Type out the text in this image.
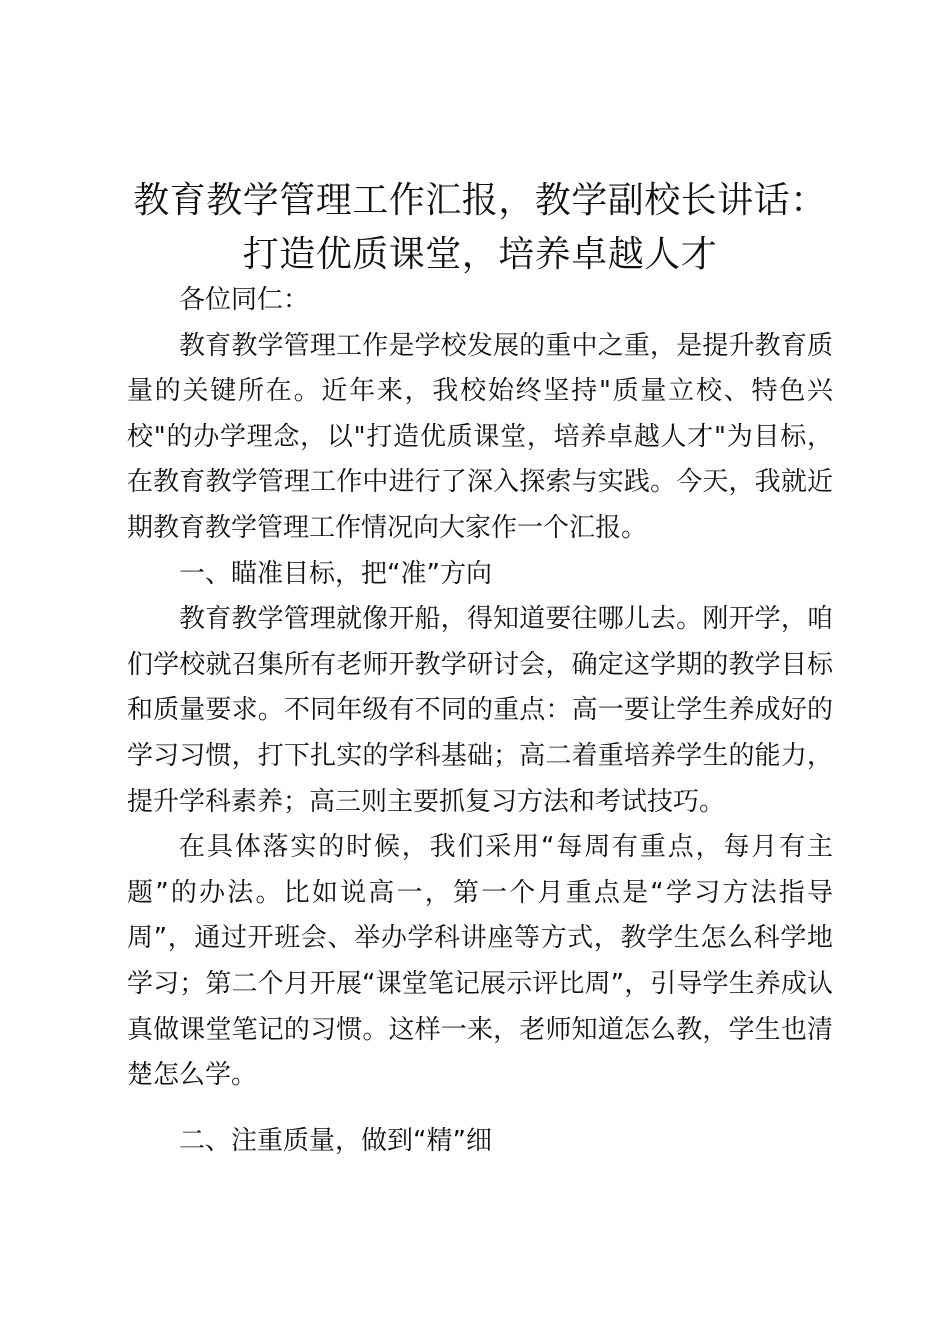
教育教学管理工作汇报，教学副校长讲话：打造优质课堂，培养卓越人才

各位同仁：

教育教学管理工作是学校发展的重中之重，是提升教育质量的关键所在。近年来，我校始终坚持"质量立校、特色兴校"的办学理念，以"打造优质课堂，培养卓越人才"为目标，在教育教学管理工作中进行了深入探索与实践。今天，我就近期教育教学管理工作情况向大家作一个汇报。

一、瞄准目标，把“准”方向

教育教学管理就像开船，得知道要往哪儿去。刚开学，咱们学校就召集所有老师开教学研讨会，确定这学期的教学目标和质量要求。不同年级有不同的重点：高一要让学生养成好的学习习惯，打下扎实的学科基础；高二着重培养学生的能力，提升学科素养；高三则主要抓复习方法和考试技巧。

在具体落实的时候，我们采用“每周有重点，每月有主题”的办法。比如说高一，第一个月重点是“学习方法指导周”，通过开班会、举办学科讲座等方式，教学生怎么科学地学习；第二个月开展“课堂笔记展示评比周”，引导学生养成认真做课堂笔记的习惯。这样一来，老师知道怎么教，学生也清楚怎么学。

二、注重质量，做到“精”细
